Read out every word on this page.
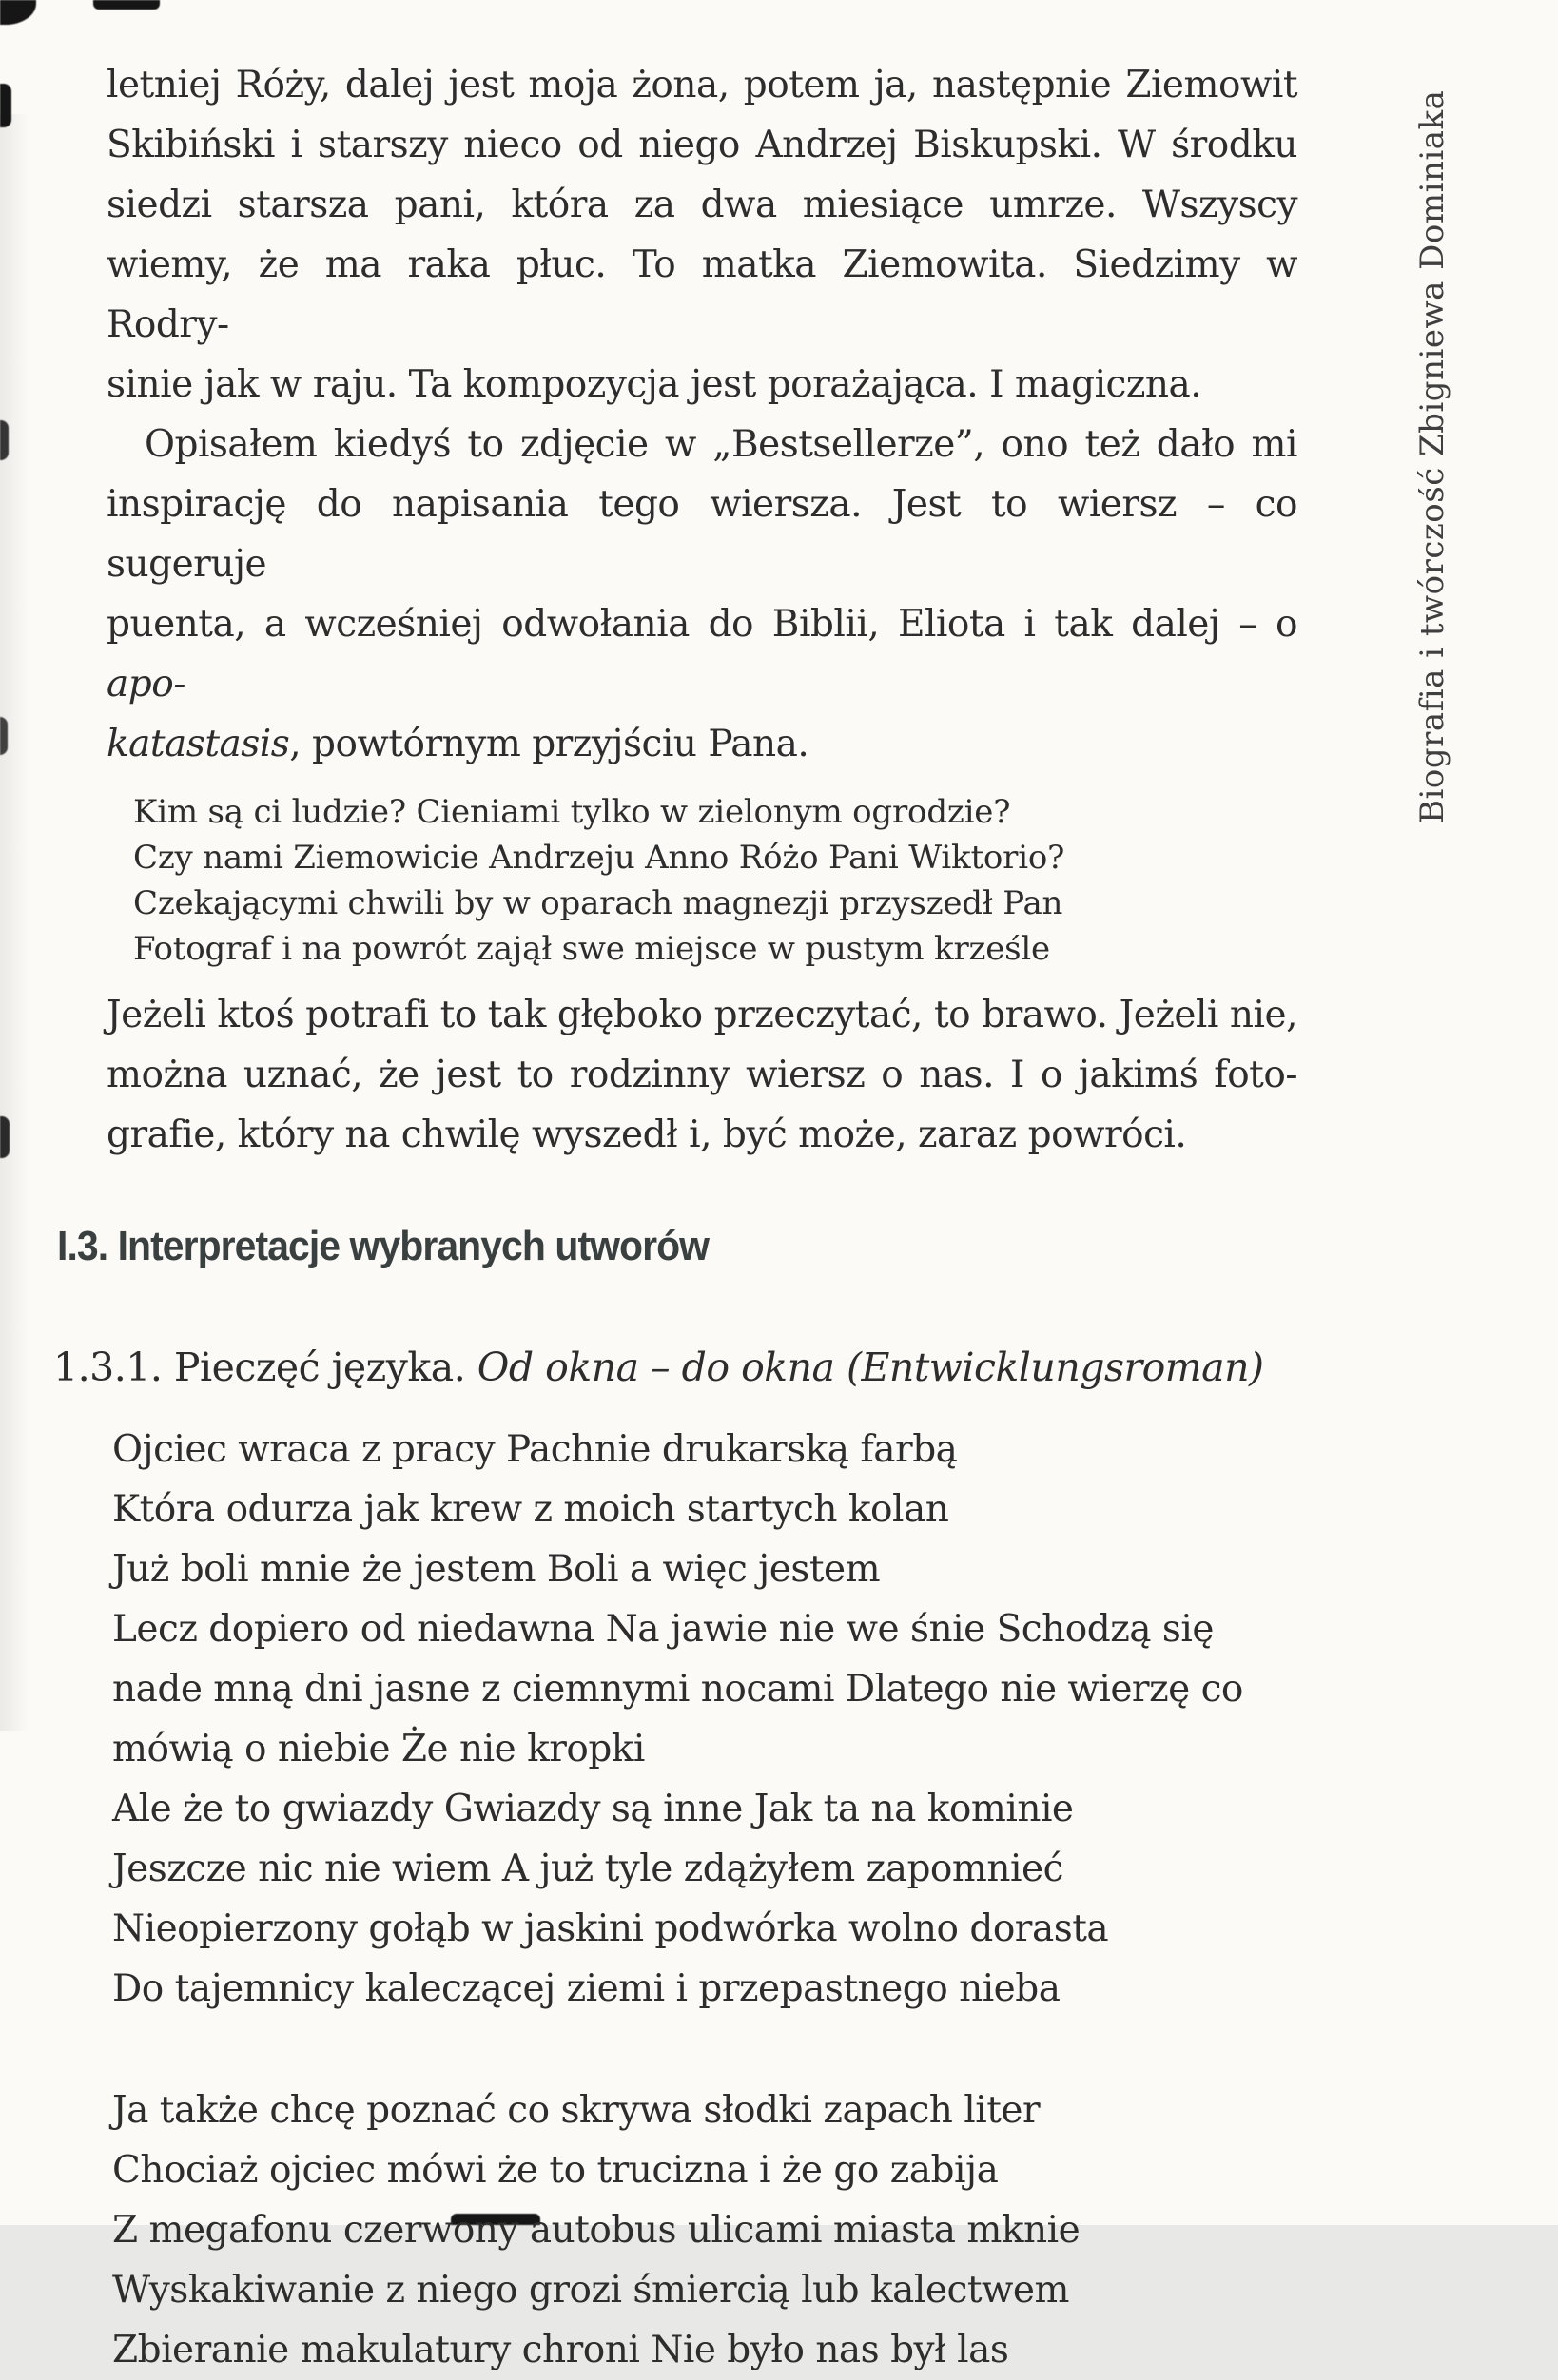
letniej Róży, dalej jest moja żona, potem ja, następnie Ziemowit
Skibiński i starszy nieco od niego Andrzej Biskupski. W środku
siedzi starsza pani, która za dwa miesiące umrze. Wszyscy
wiemy, że ma raka płuc. To matka Ziemowita. Siedzimy w Rodry-
sinie jak w raju. Ta kompozycja jest porażająca. I magiczna.
Opisałem kiedyś to zdjęcie w „Bestsellerze”, ono też dało mi
inspirację do napisania tego wiersza. Jest to wiersz – co sugeruje
puenta, a wcześniej odwołania do Biblii, Eliota i tak dalej – o apo-
katastasis, powtórnym przyjściu Pana.
Kim są ci ludzie? Cieniami tylko w zielonym ogrodzie?
Czy nami Ziemowicie Andrzeju Anno Różo Pani Wiktorio?
Czekającymi chwili by w oparach magnezji przyszedł Pan
Fotograf i na powrót zajął swe miejsce w pustym krześle
Jeżeli ktoś potrafi to tak głęboko przeczytać, to brawo. Jeżeli nie,
można uznać, że jest to rodzinny wiersz o nas. I o jakimś foto-
grafie, który na chwilę wyszedł i, być może, zaraz powróci.
I.3. Interpretacje wybranych utworów
1.3.1. Pieczęć języka. Od okna – do okna (Entwicklungsroman)
Ojciec wraca z pracy Pachnie drukarską farbą
Która odurza jak krew z moich startych kolan
Już boli mnie że jestem Boli a więc jestem
Lecz dopiero od niedawna Na jawie nie we śnie Schodzą się
nade mną dni jasne z ciemnymi nocami Dlatego nie wierzę co
mówią o niebie Że nie kropki
Ale że to gwiazdy Gwiazdy są inne Jak ta na kominie
Jeszcze nic nie wiem A już tyle zdążyłem zapomnieć
Nieopierzony gołąb w jaskini podwórka wolno dorasta
Do tajemnicy kaleczącej ziemi i przepastnego nieba
Ja także chcę poznać co skrywa słodki zapach liter
Chociaż ojciec mówi że to trucizna i że go zabija
Z megafonu czerwony autobus ulicami miasta mknie
Wyskakiwanie z niego grozi śmiercią lub kalectwem
Zbieranie makulatury chroni Nie było nas był las
Biografia i twórczość Zbigniewa Dominiaka
